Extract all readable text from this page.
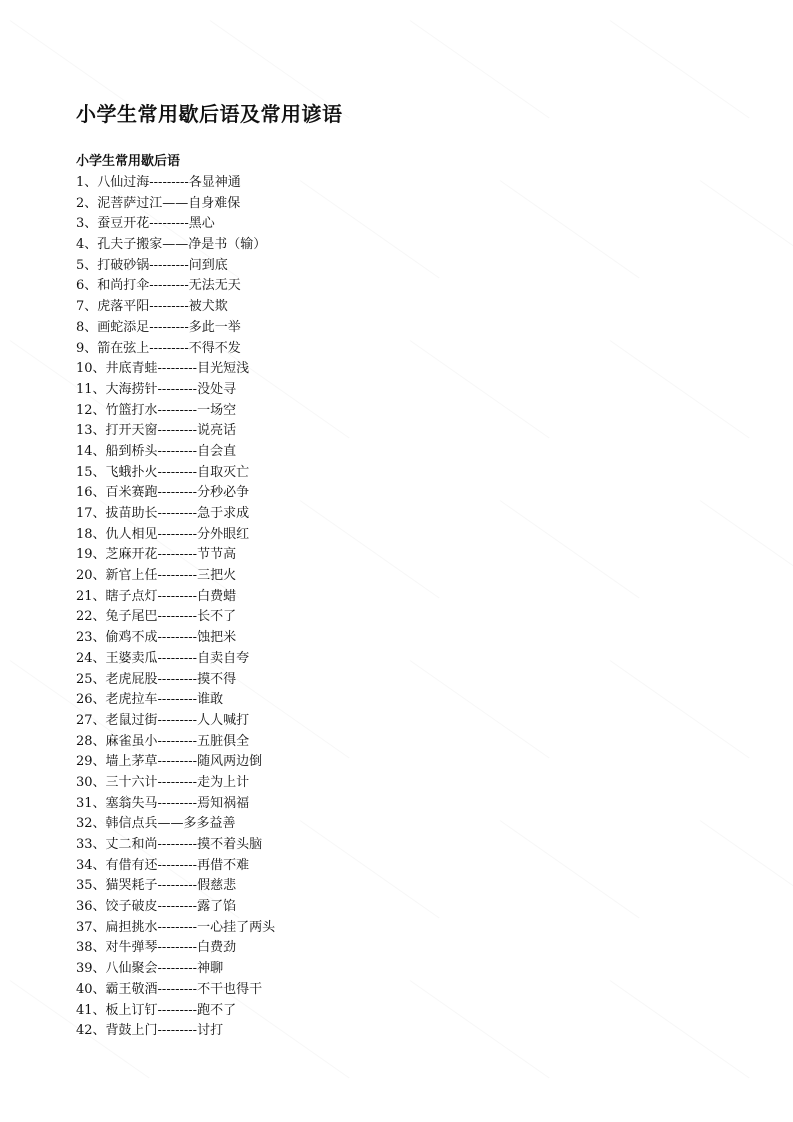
小学生常用歇后语及常用谚语
小学生常用歇后语
1、八仙过海---------各显神通
2、泥菩萨过江——自身难保
3、蚕豆开花---------黑心
4、孔夫子搬家——净是书（输）
5、打破砂锅---------问到底
6、和尚打伞---------无法无天
7、虎落平阳---------被犬欺
8、画蛇添足---------多此一举
9、箭在弦上---------不得不发
10、井底青蛙---------目光短浅
11、大海捞针---------没处寻
12、竹篮打水---------一场空
13、打开天窗---------说亮话
14、船到桥头---------自会直
15、飞蛾扑火---------自取灭亡
16、百米赛跑---------分秒必争
17、拔苗助长---------急于求成
18、仇人相见---------分外眼红
19、芝麻开花---------节节高
20、新官上任---------三把火
21、瞎子点灯---------白费蜡
22、兔子尾巴---------长不了
23、偷鸡不成---------蚀把米
24、王婆卖瓜---------自卖自夸
25、老虎屁股---------摸不得
26、老虎拉车---------谁敢
27、老鼠过街---------人人喊打
28、麻雀虽小---------五脏俱全
29、墙上茅草---------随风两边倒
30、三十六计---------走为上计
31、塞翁失马---------焉知祸福
32、韩信点兵——多多益善
33、丈二和尚---------摸不着头脑
34、有借有还---------再借不难
35、猫哭耗子---------假慈悲
36、饺子破皮---------露了馅
37、扁担挑水---------一心挂了两头
38、对牛弹琴---------白费劲
39、八仙聚会---------神聊
40、霸王敬酒---------不干也得干
41、板上订钉---------跑不了
42、背鼓上门---------讨打
